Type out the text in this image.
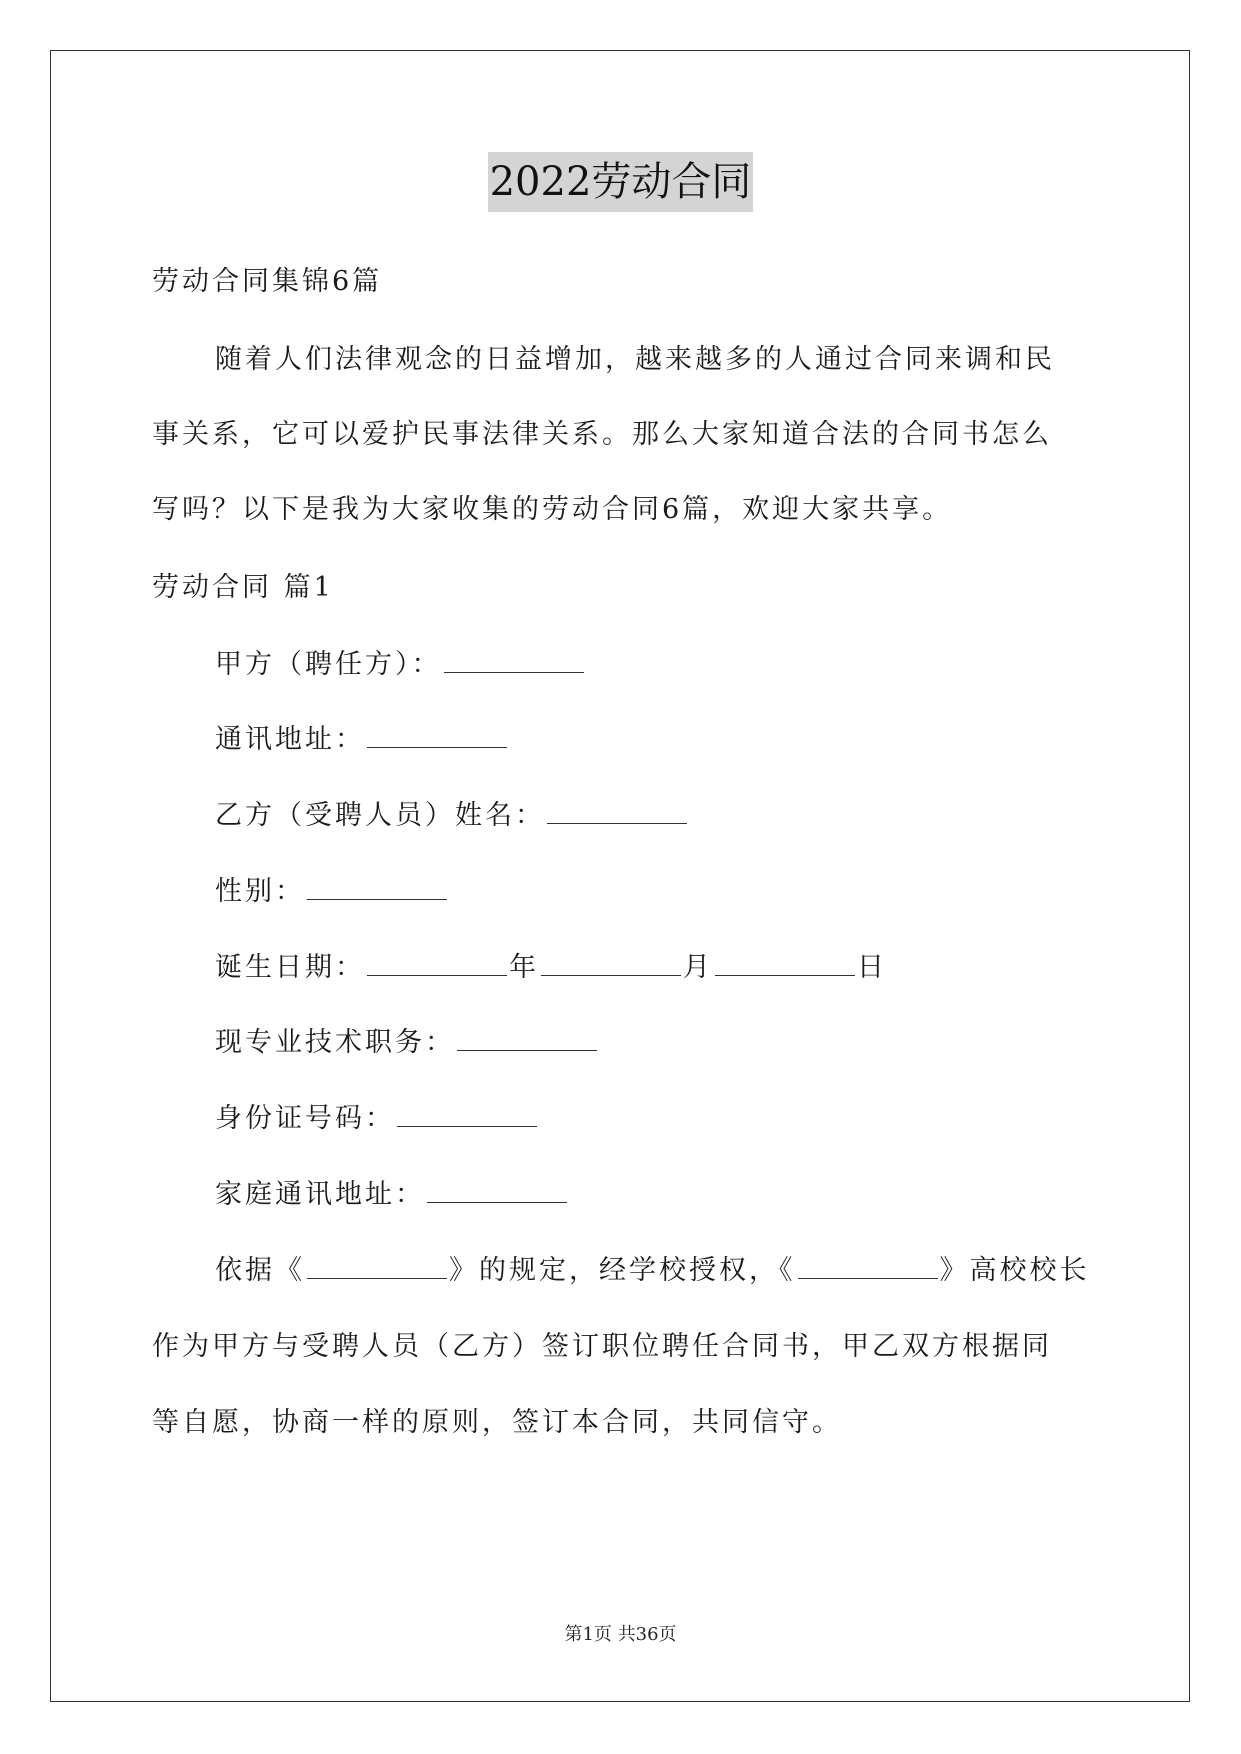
2022劳动合同
劳动合同集锦6篇
随着人们法律观念的日益增加，越来越多的人通过合同来调和民
事关系，它可以爱护民事法律关系。那么大家知道合法的合同书怎么
写吗？以下是我为大家收集的劳动合同6篇，欢迎大家共享。
劳动合同 篇1
甲方（聘任方）：
通讯地址：
乙方（受聘人员）姓名：
性别：
诞生日期：	年	月	日
现专业技术职务：
身份证号码：
家庭通讯地址：
依据《	》的规定，经学校授权，《	》高校校长
作为甲方与受聘人员（乙方）签订职位聘任合同书，甲乙双方根据同
等自愿，协商一样的原则，签订本合同，共同信守。
第1页 共36页
